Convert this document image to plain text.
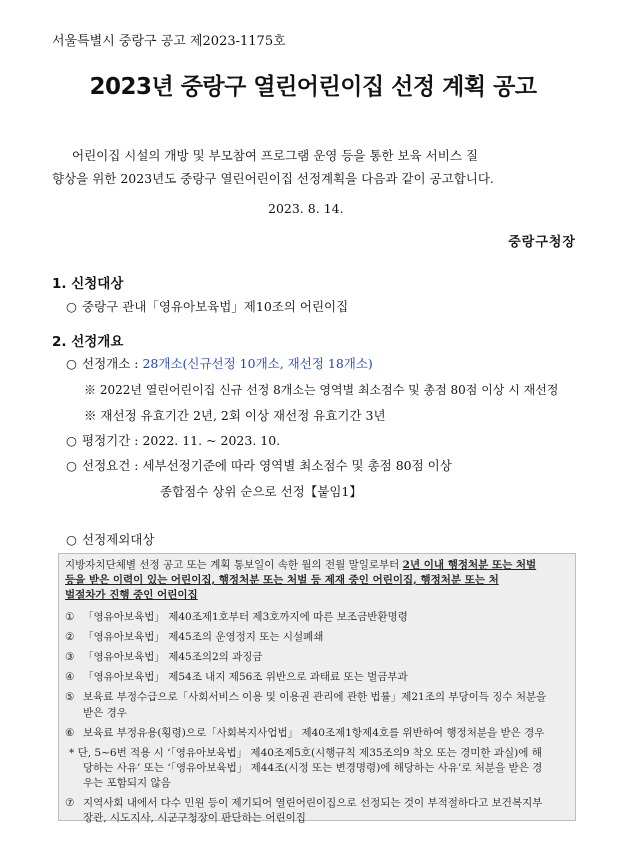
서울특별시 중랑구 공고 제2023-1175호
2023년 중랑구 열린어린이집 선정 계획 공고
어린이집 시설의 개방 및 부모참여 프로그램 운영 등을 통한 보육 서비스 질
향상을 위한 2023년도 중랑구 열린어린이집 선정계획을 다음과 같이 공고합니다.
2023. 8. 14.
중랑구청장
1. 신청대상
○ 중랑구 관내「영유아보육법」제10조의 어린이집
2. 선정개요
○ 선정개소 : 28개소(신규선정 10개소, 재선정 18개소)
※ 2022년 열린어린이집 신규 선정 8개소는 영역별 최소점수 및 총점 80점 이상 시 재선정
※ 재선정 유효기간 2년, 2회 이상 재선정 유효기간 3년
○ 평정기간 : 2022. 11. ~ 2023. 10.
○ 선정요건 : 세부선정기준에 따라 영역별 최소점수 및 총점 80점 이상
종합점수 상위 순으로 선정【붙임1】
○ 선정제외대상
지방자치단체별 선정 공고 또는 계획 통보일이 속한 월의 전월 말일로부터 2년 이내 행정처분 또는 처벌
등을 받은 이력이 있는 어린이집, 행정처분 또는 처벌 등 제재 중인 어린이집, 행정처분 또는 처
벌절차가 진행 중인 어린이집
① 「영유아보육법」 제40조제1호부터 제3호까지에 따른 보조금반환명령
② 「영유아보육법」 제45조의 운영정지 또는 시설폐쇄
③ 「영유아보육법」 제45조의2의 과징금
④ 「영유아보육법」 제54조 내지 제56조 위반으로 과태료 또는 벌금부과
⑤ 보육료 부정수급으로「사회서비스 이용 및 이용권 관리에 관한 법률」제21조의 부당이득 징수 처분을
받은 경우
⑥ 보육료 부정유용(횡령)으로「사회복지사업법」 제40조제1항제4호를 위반하여 행정처분을 받은 경우
* 단, 5~6번 적용 시 ‘「영유아보육법」 제40조제5호(시행규칙 제35조의9 착오 또는 경미한 과실)에 해
당하는 사유’ 또는 ‘「영유아보육법」 제44조(시정 또는 변경명령)에 해당하는 사유’로 처분을 받은 경
우는 포함되지 않음
⑦ 지역사회 내에서 다수 민원 등이 제기되어 열린어린이집으로 선정되는 것이 부적절하다고 보건복지부
장관, 시도지사, 시군구청장이 판단하는 어린이집
